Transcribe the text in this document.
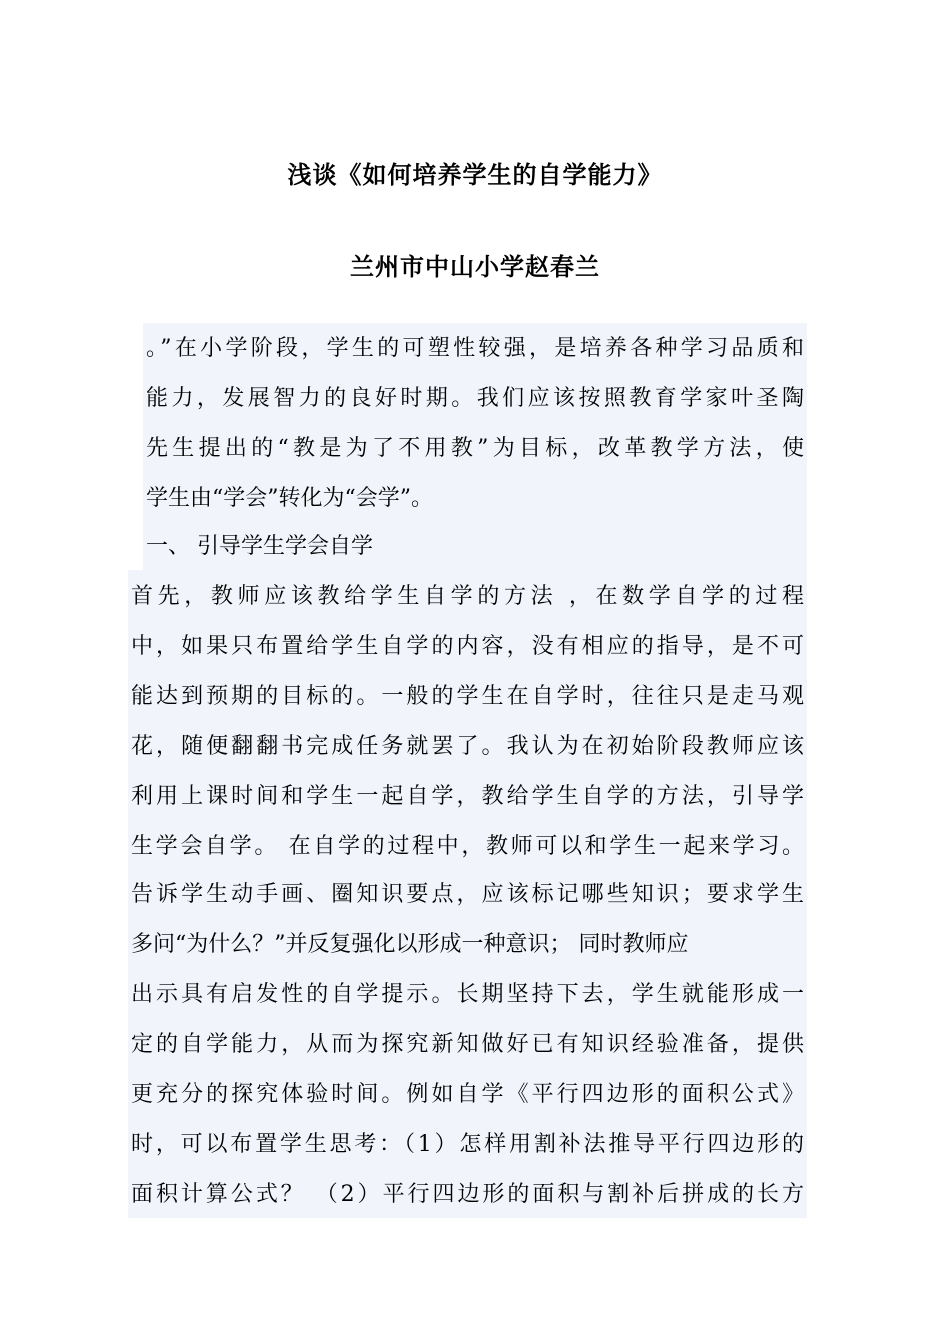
浅谈《如何培养学生的自学能力》
兰州市中山小学赵春兰
。”在小学阶段，学生的可塑性较强，是培养各种学习品质和
能力，发展智力的良好时期。我们应该按照教育学家叶圣陶
先生提出的“教是为了不用教”为目标，改革教学方法，使
学生由“学会”转化为“会学”。
一、 引导学生学会自学
首先，教师应该教给学生自学的方法 ，在数学自学的过程
中，如果只布置给学生自学的内容，没有相应的指导，是不可
能达到预期的目标的。一般的学生在自学时，往往只是走马观
花，随便翻翻书完成任务就罢了。我认为在初始阶段教师应该
利用上课时间和学生一起自学，教给学生自学的方法，引导学
生学会自学。 在自学的过程中，教师可以和学生一起来学习。
告诉学生动手画、圈知识要点，应该标记哪些知识；要求学生
多问“为什么？”并反复强化以形成一种意识； 同时教师应
出示具有启发性的自学提示。长期坚持下去，学生就能形成一
定的自学能力，从而为探究新知做好已有知识经验准备，提供
更充分的探究体验时间。例如自学《平行四边形的面积公式》
时，可以布置学生思考：（1）怎样用割补法推导平行四边形的
面积计算公式？ （2）平行四边形的面积与割补后拼成的长方
